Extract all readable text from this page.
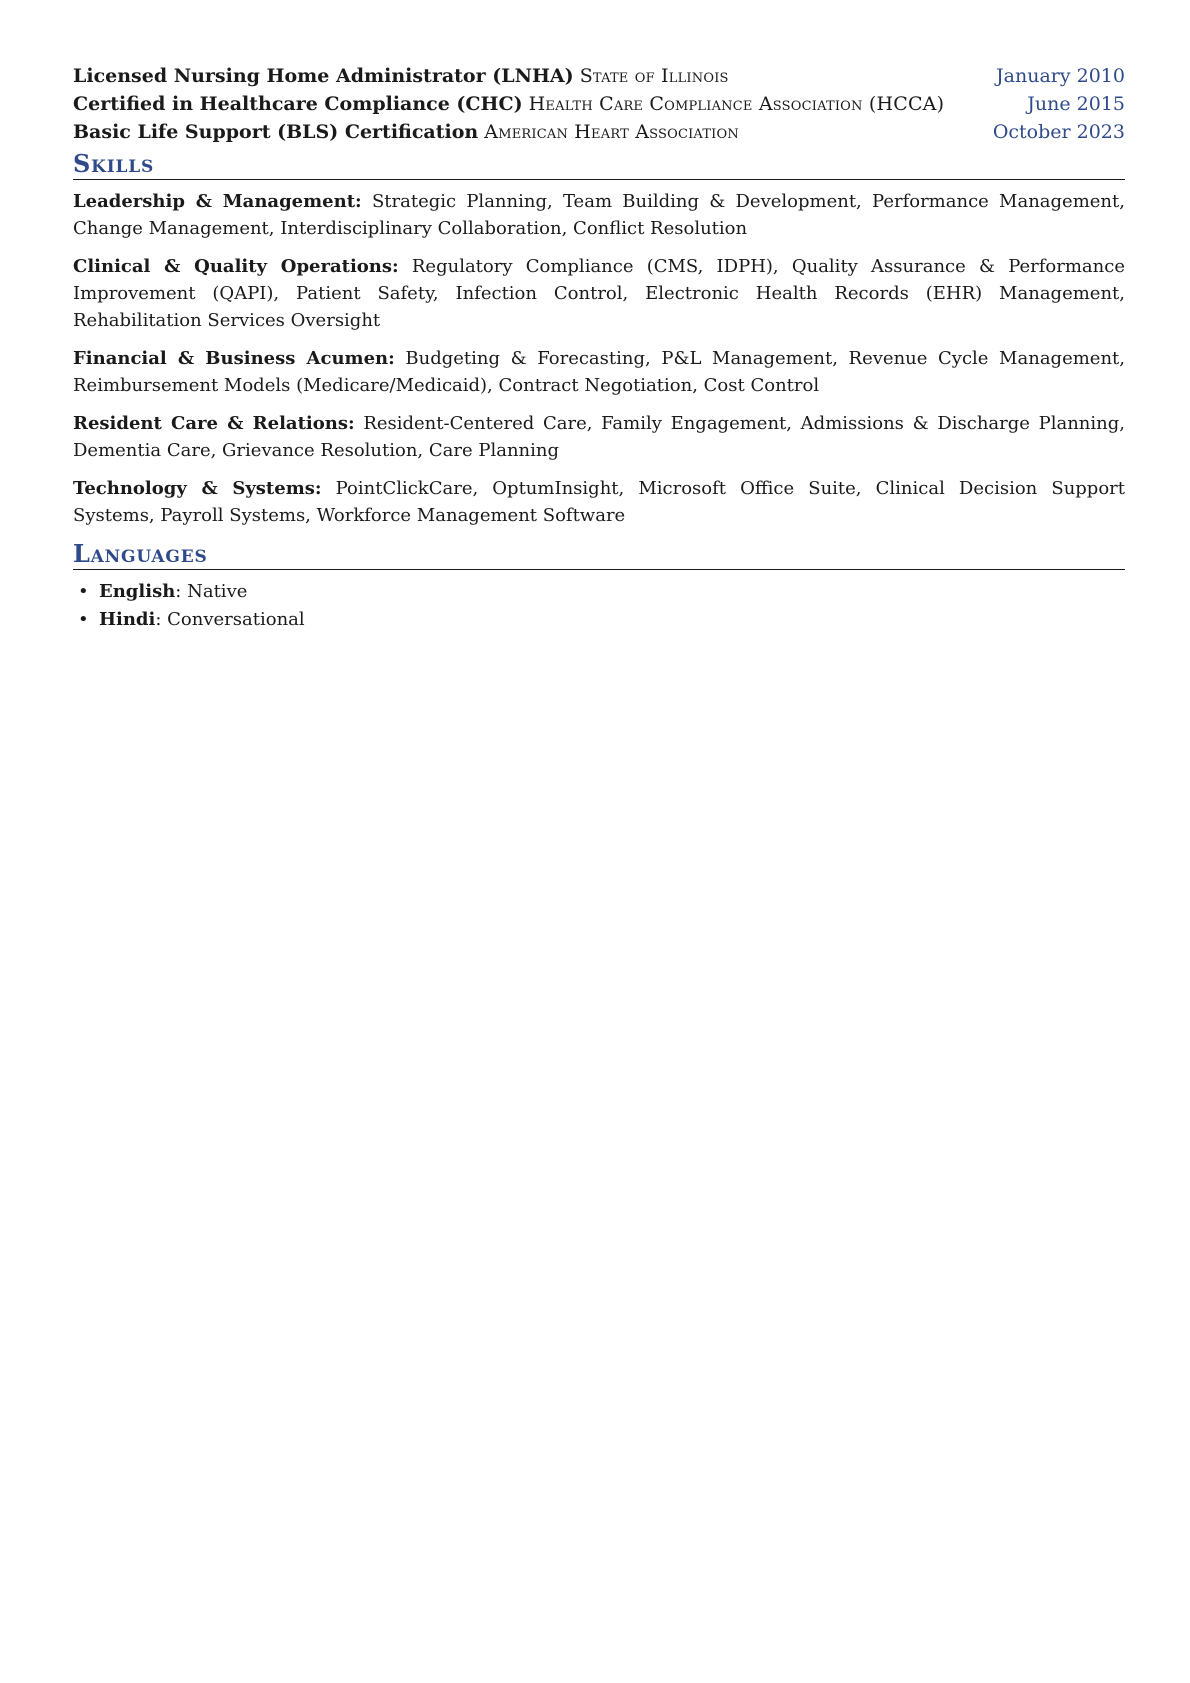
Licensed Nursing Home Administrator (LNHA) State of Illinois	January 2010
Certified in Healthcare Compliance (CHC) Health Care Compliance Association (HCCA)	June 2015
Basic Life Support (BLS) Certification American Heart Association	October 2023
Skills

Leadership & Management: Strategic Planning, Team Building & Development, Performance Management, Change Management, Interdisciplinary Collaboration, Conflict Resolution

Clinical & Quality Operations: Regulatory Compliance (CMS, IDPH), Quality Assurance & Performance Improvement (QAPI), Patient Safety, Infection Control, Electronic Health Records (EHR) Management, Rehabilitation Services Oversight

Financial & Business Acumen: Budgeting & Forecasting, P&L Management, Revenue Cycle Management, Reimbursement Models (Medicare/Medicaid), Contract Negotiation, Cost Control

Resident Care & Relations: Resident-Centered Care, Family Engagement, Admissions & Discharge Planning, Dementia Care, Grievance Resolution, Care Planning

Technology & Systems: PointClickCare, OptumInsight, Microsoft Office Suite, Clinical Decision Support Systems, Payroll Systems, Workforce Management Software

Languages
• English: Native
• Hindi: Conversational
